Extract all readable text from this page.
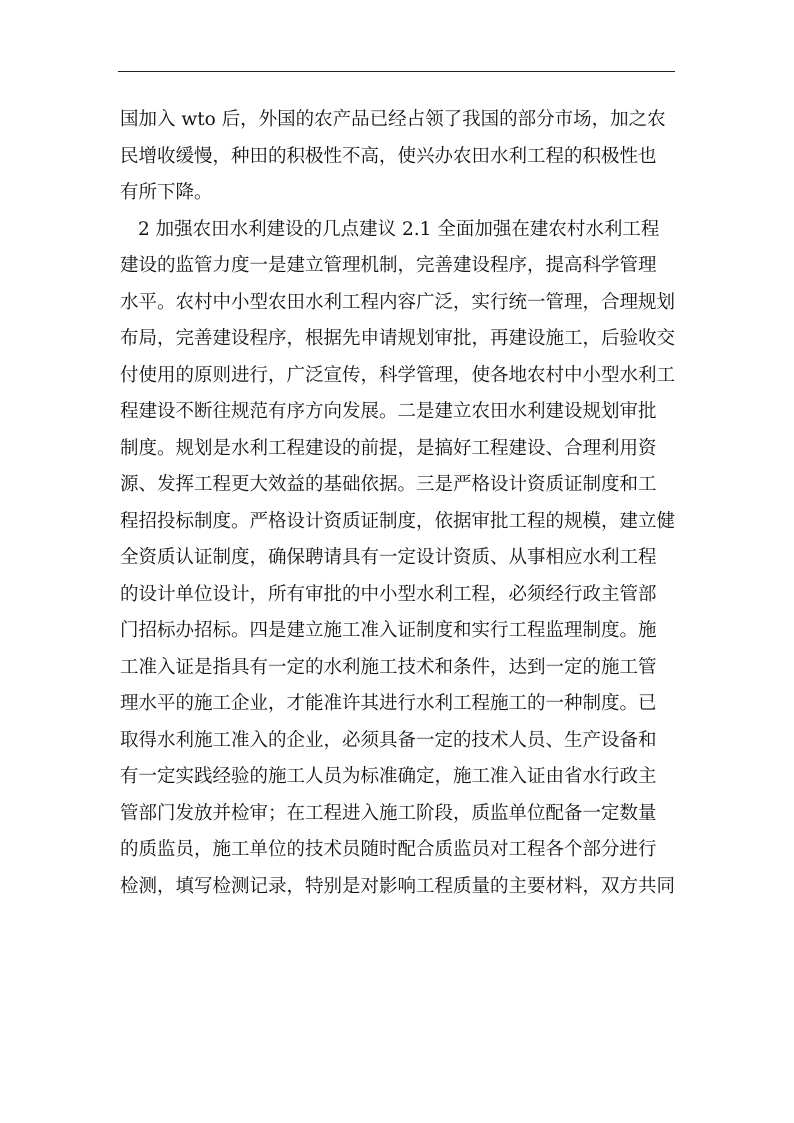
国加入 wto 后，外国的农产品已经占领了我国的部分市场，加之农
民增收缓慢，种田的积极性不高，使兴办农田水利工程的积极性也
有所下降。
2 加强农田水利建设的几点建议 2.1 全面加强在建农村水利工程
建设的监管力度一是建立管理机制，完善建设程序，提高科学管理
水平。农村中小型农田水利工程内容广泛，实行统一管理，合理规划
布局，完善建设程序，根据先申请规划审批，再建设施工，后验收交
付使用的原则进行，广泛宣传，科学管理，使各地农村中小型水利工
程建设不断往规范有序方向发展。二是建立农田水利建设规划审批
制度。规划是水利工程建设的前提，是搞好工程建设、合理利用资
源、发挥工程更大效益的基础依据。三是严格设计资质证制度和工
程招投标制度。严格设计资质证制度，依据审批工程的规模，建立健
全资质认证制度，确保聘请具有一定设计资质、从事相应水利工程
的设计单位设计，所有审批的中小型水利工程，必须经行政主管部
门招标办招标。四是建立施工准入证制度和实行工程监理制度。施
工准入证是指具有一定的水利施工技术和条件，达到一定的施工管
理水平的施工企业，才能准许其进行水利工程施工的一种制度。已
取得水利施工准入的企业，必须具备一定的技术人员、生产设备和
有一定实践经验的施工人员为标准确定，施工准入证由省水行政主
管部门发放并检审；在工程进入施工阶段，质监单位配备一定数量
的质监员，施工单位的技术员随时配合质监员对工程各个部分进行
检测，填写检测记录，特别是对影响工程质量的主要材料，双方共同
